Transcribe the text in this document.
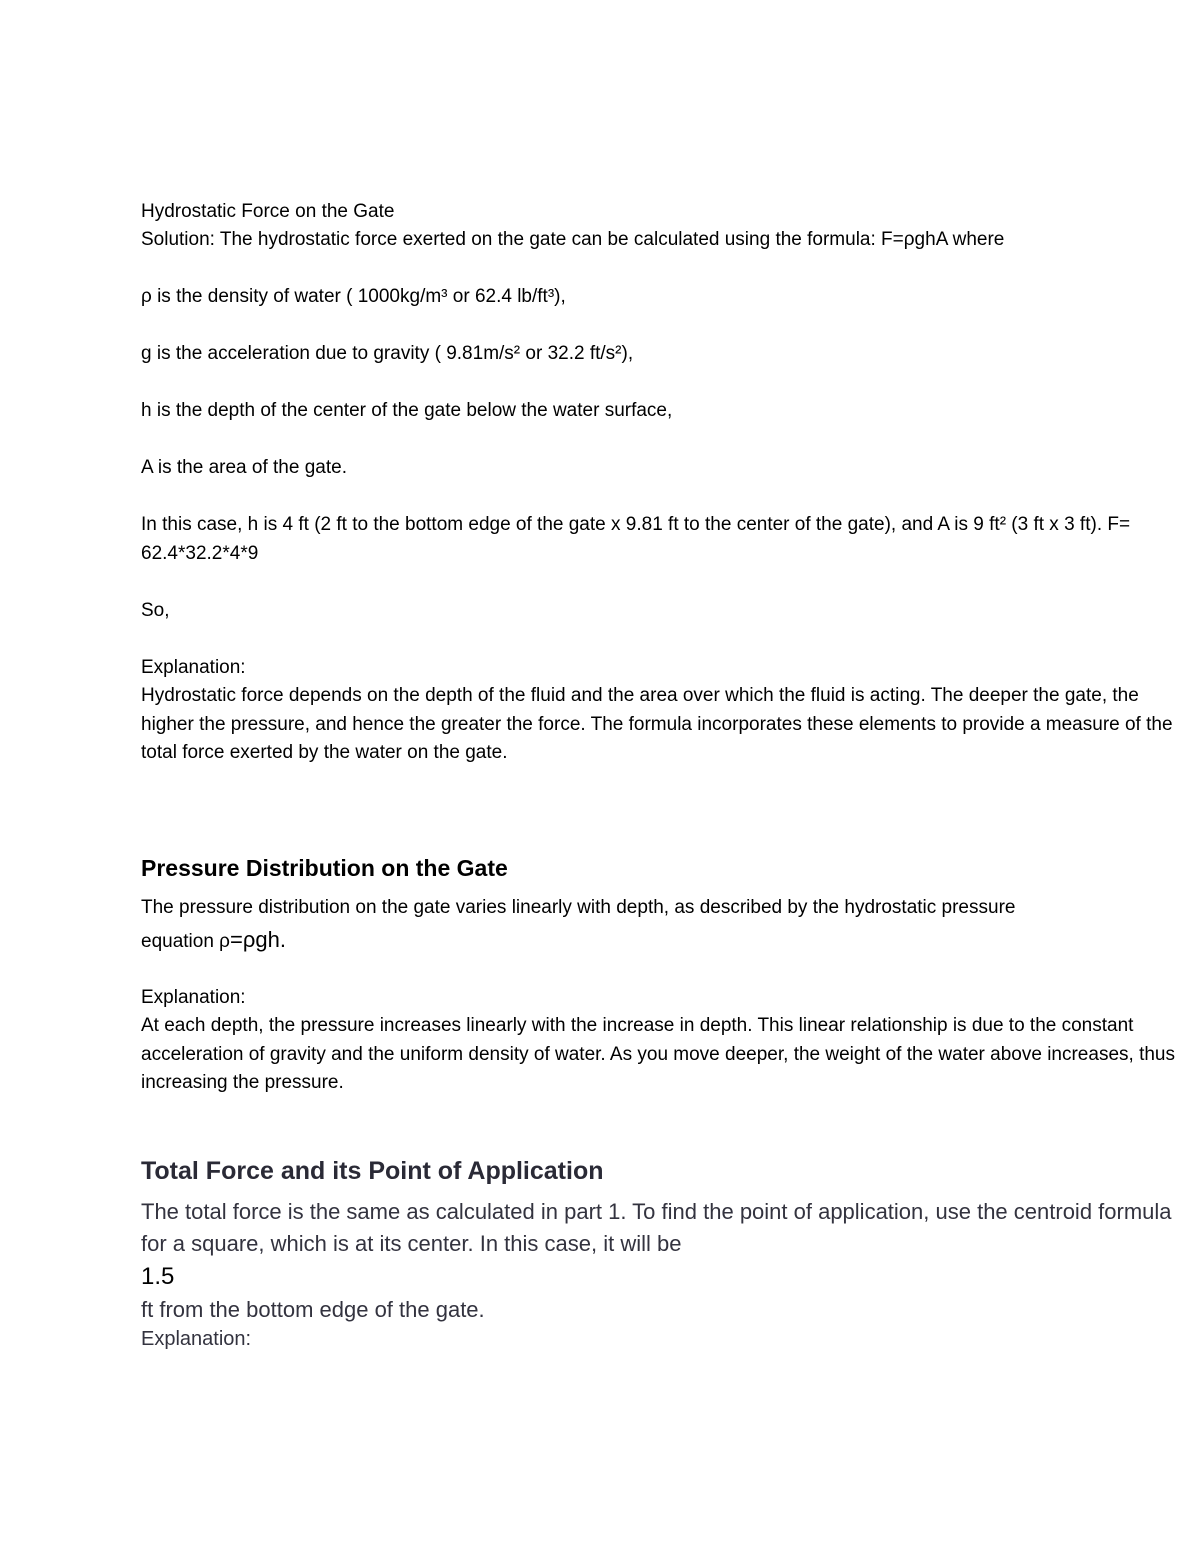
Hydrostatic Force on the Gate

Solution: The hydrostatic force exerted on the gate can be calculated using the formula: F=ρghA where

ρ is the density of water ( 1000kg/m³ or 62.4 lb/ft³),

g is the acceleration due to gravity ( 9.81m/s² or 32.2 ft/s²),

h is the depth of the center of the gate below the water surface,

A is the area of the gate.

In this case, h is 4 ft (2 ft to the bottom edge of the gate x 9.81 ft to the center of the gate), and A is 9 ft² (3 ft x 3 ft). F= 62.4*32.2*4*9

So,

Explanation:

Hydrostatic force depends on the depth of the fluid and the area over which the fluid is acting. The deeper the gate, the higher the pressure, and hence the greater the force. The formula incorporates these elements to provide a measure of the total force exerted by the water on the gate.

Pressure Distribution on the Gate

The pressure distribution on the gate varies linearly with depth, as described by the hydrostatic pressure

equation ρ=ρgh.

Explanation:

At each depth, the pressure increases linearly with the increase in depth. This linear relationship is due to the constant acceleration of gravity and the uniform density of water. As you move deeper, the weight of the water above increases, thus increasing the pressure.

Total Force and its Point of Application

The total force is the same as calculated in part 1. To find the point of application, use the centroid formula for a square, which is at its center. In this case, it will be

1.5

ft from the bottom edge of the gate.

Explanation:
